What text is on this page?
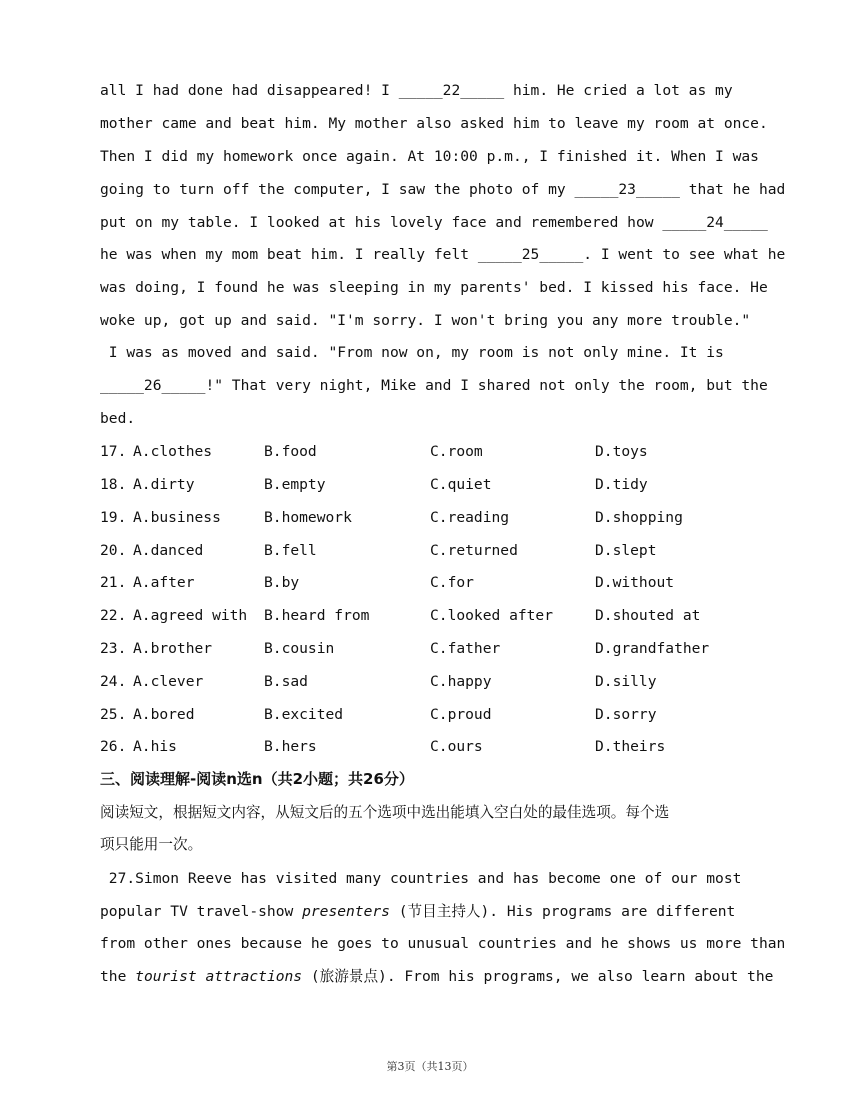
all I had done had disappeared! I _____22_____ him. He cried a lot as my
mother came and beat him. My mother also asked him to leave my room at once.
Then I did my homework once again. At 10:00 p.m., I finished it. When I was
going to turn off the computer, I saw the photo of my _____23_____ that he had
put on my table. I looked at his lovely face and remembered how _____24_____
he was when my mom beat him. I really felt _____25_____. I went to see what he
was doing, I found he was sleeping in my parents' bed. I kissed his face. He
woke up, got up and said. "I'm sorry. I won't bring you any more trouble."
I was as moved and said. "From now on, my room is not only mine. It is
_____26_____!" That very night, Mike and I shared not only the room, but the
bed.

17.

A.clothes

	B.food

	C.room

	D.toys

18.

A.dirty

	B.empty

	C.quiet

	D.tidy

19.

A.business

	B.homework

	C.reading

	D.shopping

20.

A.danced

	B.fell

	C.returned

	D.slept

21.

A.after

	B.by

	C.for

	D.without

22.

A.agreed with

B.heard from

	C.looked after

	D.shouted at

23.

A.brother

	B.cousin

	C.father

	D.grandfather

24.

A.clever

	B.sad

	C.happy

	D.silly

25.

A.bored

	B.excited

	C.proud

	D.sorry

26.

A.his

	B.hers

	C.ours

	D.theirs

三、阅读理解-阅读n选n（共2小题；共26分）
阅读短文，根据短文内容，从短文后的五个选项中选出能填入空白处的最佳选项。每个选
项只能用一次。
27.Simon Reeve has visited many countries and has become one of our most
popular TV travel-show presenters (节目主持人). His programs are different
from other ones because he goes to unusual countries and he shows us more than
the tourist attractions (旅游景点). From his programs, we also learn about the
第3页（共13页）
